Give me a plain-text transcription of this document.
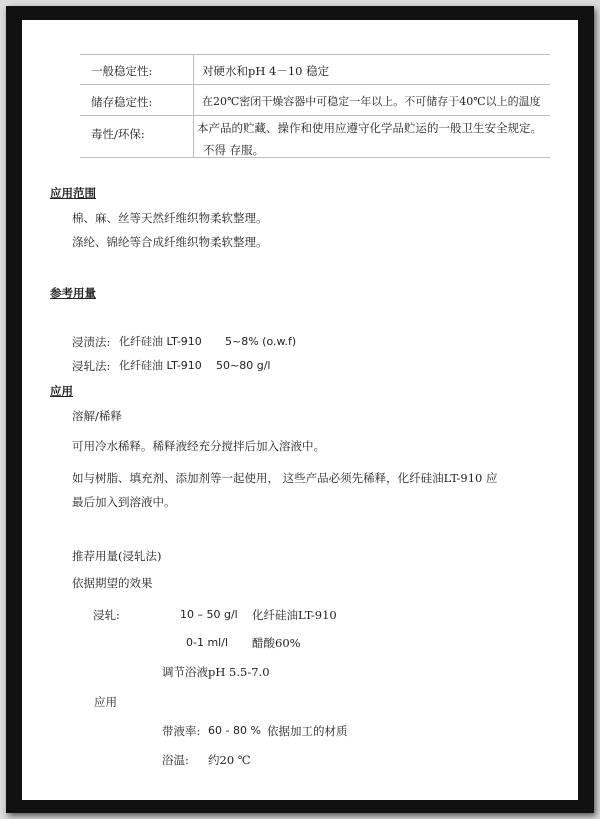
一般稳定性:	对硬水和pH 4－10 稳定
储存稳定性:	在20℃密闭干燥容器中可稳定一年以上。不可储存于40℃以上的温度
毒性/环保:	本产品的贮藏、操作和使用应遵守化学品贮运的一般卫生安全规定。
不得 存服。
应用范围
棉、麻、丝等天然纤维织物柔软整理。
涤纶、锦纶等合成纤维织物柔软整理。
参考用量
浸渍法: 化纤硅油 LT-910 5~8% (o.w.f)
浸轧法: 化纤硅油 LT-910 50~80 g/l
应用
溶解/稀释
可用冷水稀释。稀释液经充分搅拌后加入溶液中。
如与树脂、填充剂、添加剂等一起使用， 这些产品必须先稀释，化纤硅油LT-910 应
最后加入到溶液中。
推荐用量(浸轧法)
依据期望的效果
浸轧:	10 – 50 g/l 化纤硅油LT-910
0-1 ml/l 醋酸60%
调节浴液pH 5.5-7.0
应用
带液率: 60 - 80 % 依据加工的材质
浴温: 约20 ℃
